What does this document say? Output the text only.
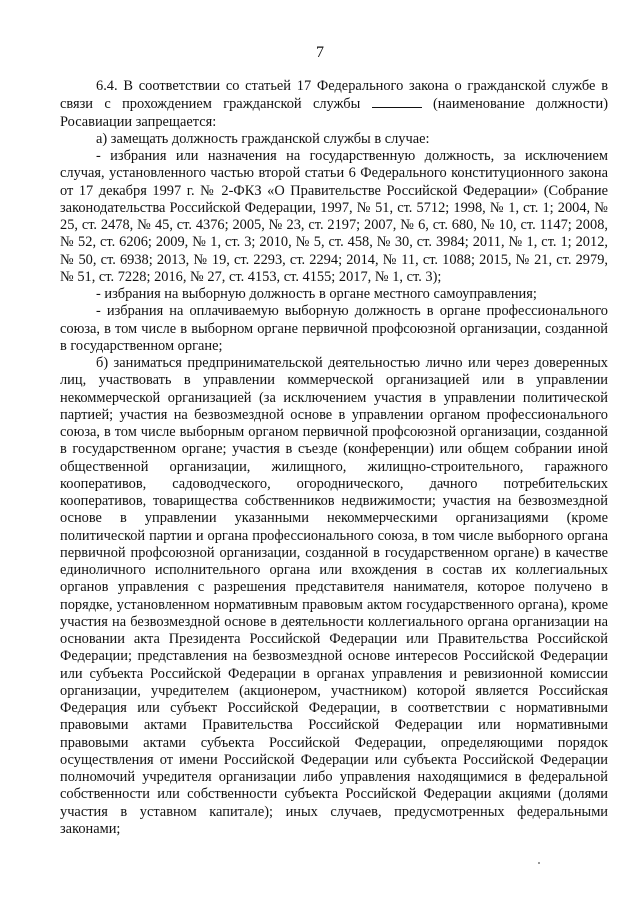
7

6.4. В соответствии со статьей 17 Федерального закона о гражданской службе в связи с прохождением гражданской службы	(наименование должности) Росавиации запрещается:

а) замещать должность гражданской службы в случае:

- избрания или назначения на государственную должность, за исключением случая, установленного частью второй статьи 6 Федерального конституционного закона от 17 декабря 1997 г. № 2-ФКЗ «О Правительстве Российской Федерации» (Собрание законодательства Российской Федерации, 1997, № 51, ст. 5712; 1998, № 1, ст. 1; 2004, № 25, ст. 2478, № 45, ст. 4376; 2005, № 23, ст. 2197; 2007, № 6, ст. 680, № 10, ст. 1147; 2008, № 52, ст. 6206; 2009, № 1, ст. 3; 2010, № 5, ст. 458, № 30, ст. 3984; 2011, № 1, ст. 1; 2012, № 50, ст. 6938; 2013, № 19, ст. 2293, ст. 2294; 2014, № 11, ст. 1088; 2015, № 21, ст. 2979, № 51, ст. 7228; 2016, № 27, ст. 4153, ст. 4155; 2017, № 1, ст. 3);

- избрания на выборную должность в органе местного самоуправления;

- избрания на оплачиваемую выборную должность в органе профессионального союза, в том числе в выборном органе первичной профсоюзной организации, созданной в государственном органе;

б) заниматься предпринимательской деятельностью лично или через доверенных лиц, участвовать в управлении коммерческой организацией или в управлении некоммерческой организацией (за исключением участия в управлении политической партией; участия на безвозмездной основе в управлении органом профессионального союза, в том числе выборным органом первичной профсоюзной организации, созданной в государственном органе; участия в съезде (конференции) или общем собрании иной общественной организации, жилищного, жилищно-строительного, гаражного кооперативов, садоводческого, огороднического, дачного потребительских кооперативов, товарищества собственников недвижимости; участия на безвозмездной основе в управлении указанными некоммерческими организациями (кроме политической партии и органа профессионального союза, в том числе выборного органа первичной профсоюзной организации, созданной в государственном органе) в качестве единоличного исполнительного органа или вхождения в состав их коллегиальных органов управления с разрешения представителя нанимателя, которое получено в порядке, установленном нормативным правовым актом государственного органа), кроме участия на безвозмездной основе в деятельности коллегиального органа организации на основании акта Президента Российской Федерации или Правительства Российской Федерации; представления на безвозмездной основе интересов Российской Федерации или субъекта Российской Федерации в органах управления и ревизионной комиссии организации, учредителем (акционером, участником) которой является Российская Федерация или субъект Российской Федерации, в соответствии с нормативными правовыми актами Правительства Российской Федерации или нормативными правовыми актами субъекта Российской Федерации, определяющими порядок осуществления от имени Российской Федерации или субъекта Российской Федерации полномочий учредителя организации либо управления находящимися в федеральной собственности или собственности субъекта Российской Федерации акциями (долями участия в уставном капитале); иных случаев, предусмотренных федеральными законами;
